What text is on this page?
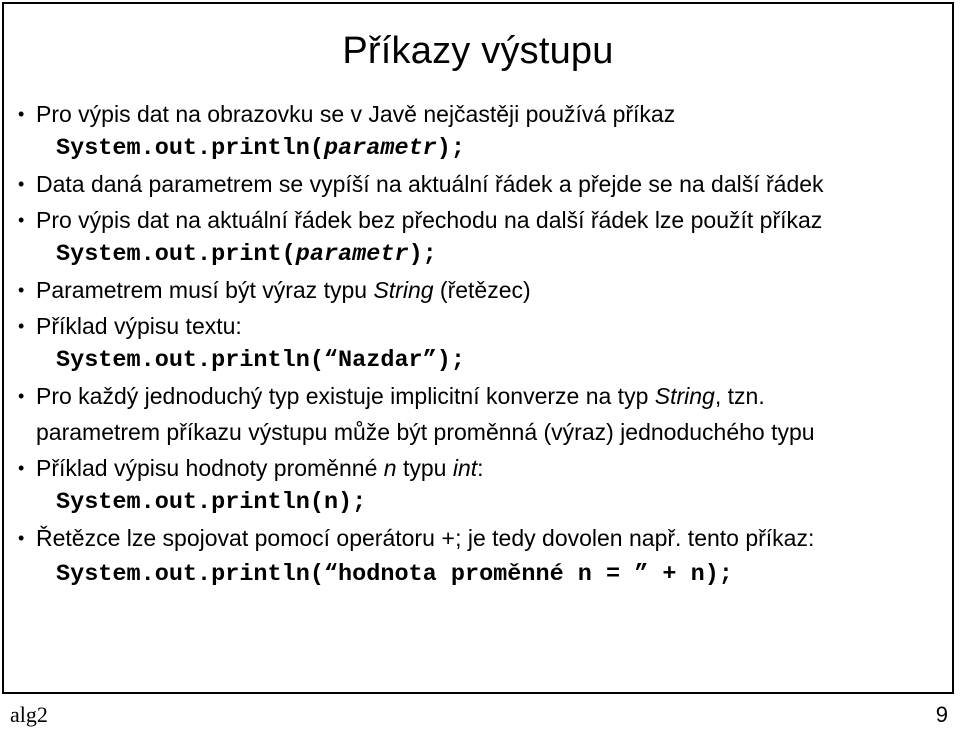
Příkazy výstupu
• Pro výpis dat na obrazovku se v Javě nejčastěji používá příkaz
System.out.println(parametr);
• Data daná parametrem se vypíší na aktuální řádek a přejde se na další řádek
• Pro výpis dat na aktuální řádek bez přechodu na další řádek lze použít příkaz
System.out.print(parametr);
• Parametrem musí být výraz typu String (řetězec)
• Příklad výpisu textu:
System.out.println(“Nazdar”);
• Pro každý jednoduchý typ existuje implicitní konverze na typ String, tzn.
parametrem příkazu výstupu může být proměnná (výraz) jednoduchého typu
• Příklad výpisu hodnoty proměnné n typu int:
System.out.println(n);
• Řetězce lze spojovat pomocí operátoru +; je tedy dovolen např. tento příkaz:
System.out.println(“hodnota proměnné n = ” + n);
alg2	9
